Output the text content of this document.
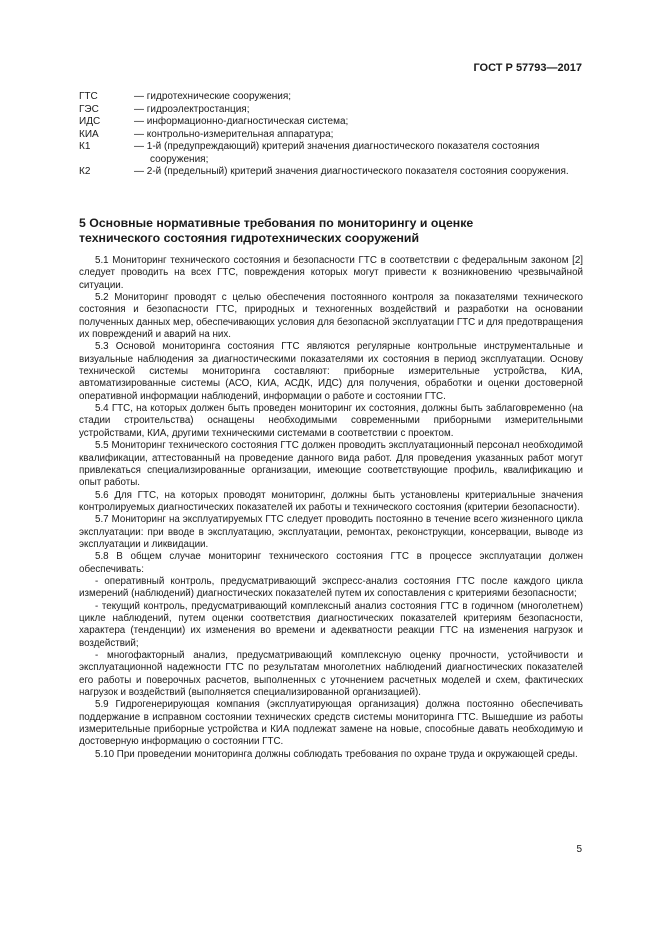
ГОСТ Р 57793—2017
ГТС	— гидротехнические сооружения;
ГЭС	— гидроэлектростанция;
ИДС	— информационно-диагностическая система;
КИА	— контрольно-измерительная аппаратура;
К1	— 1-й (предупреждающий) критерий значения диагностического показателя состояния сооружения;
К2	— 2-й (предельный) критерий значения диагностического показателя состояния сооружения.
5 Основные нормативные требования по мониторингу и оценке технического состояния гидротехнических сооружений

5.1 Мониторинг технического состояния и безопасности ГТС в соответствии с федеральным законом [2] следует проводить на всех ГТС, повреждения которых могут привести к возникновению чрезвычайной ситуации.

5.2 Мониторинг проводят с целью обеспечения постоянного контроля за показателями технического состояния и безопасности ГТС, природных и техногенных воздействий и разработки на основании полученных данных мер, обеспечивающих условия для безопасной эксплуатации ГТС и для предотвращения их повреждений и аварий на них.

5.3 Основой мониторинга состояния ГТС являются регулярные контрольные инструментальные и визуальные наблюдения за диагностическими показателями их состояния в период эксплуатации. Основу технической системы мониторинга составляют: приборные измерительные устройства, КИА, автоматизированные системы (АСО, КИА, АСДК, ИДС) для получения, обработки и оценки достоверной оперативной информации наблюдений, информации о работе и состоянии ГТС.

5.4 ГТС, на которых должен быть проведен мониторинг их состояния, должны быть заблаговременно (на стадии строительства) оснащены необходимыми современными приборными измерительными устройствами, КИА, другими техническими системами в соответствии с проектом.

5.5 Мониторинг технического состояния ГТС должен проводить эксплуатационный персонал необходимой квалификации, аттестованный на проведение данного вида работ. Для проведения указанных работ могут привлекаться специализированные организации, имеющие соответствующие профиль, квалификацию и опыт работы.

5.6 Для ГТС, на которых проводят мониторинг, должны быть установлены критериальные значения контролируемых диагностических показателей их работы и технического состояния (критерии безопасности).

5.7 Мониторинг на эксплуатируемых ГТС следует проводить постоянно в течение всего жизненного цикла эксплуатации: при вводе в эксплуатацию, эксплуатации, ремонтах, реконструкции, консервации, выводе из эксплуатации и ликвидации.

5.8 В общем случае мониторинг технического состояния ГТС в процессе эксплуатации должен обеспечивать:

- оперативный контроль, предусматривающий экспресс-анализ состояния ГТС после каждого цикла измерений (наблюдений) диагностических показателей путем их сопоставления с критериями безопасности;

- текущий контроль, предусматривающий комплексный анализ состояния ГТС в годичном (многолетнем) цикле наблюдений, путем оценки соответствия диагностических показателей критериям безопасности, характера (тенденции) их изменения во времени и адекватности реакции ГТС на изменения нагрузок и воздействий;

- многофакторный анализ, предусматривающий комплексную оценку прочности, устойчивости и эксплуатационной надежности ГТС по результатам многолетних наблюдений диагностических показателей его работы и поверочных расчетов, выполненных с уточнением расчетных моделей и схем, фактических нагрузок и воздействий (выполняется специализированной организацией).

5.9 Гидрогенерирующая компания (эксплуатирующая организация) должна постоянно обеспечивать поддержание в исправном состоянии технических средств системы мониторинга ГТС. Вышедшие из работы измерительные приборные устройства и КИА подлежат замене на новые, способные давать необходимую и достоверную информацию о состоянии ГТС.

5.10 При проведении мониторинга должны соблюдать требования по охране труда и окружающей среды.

5
